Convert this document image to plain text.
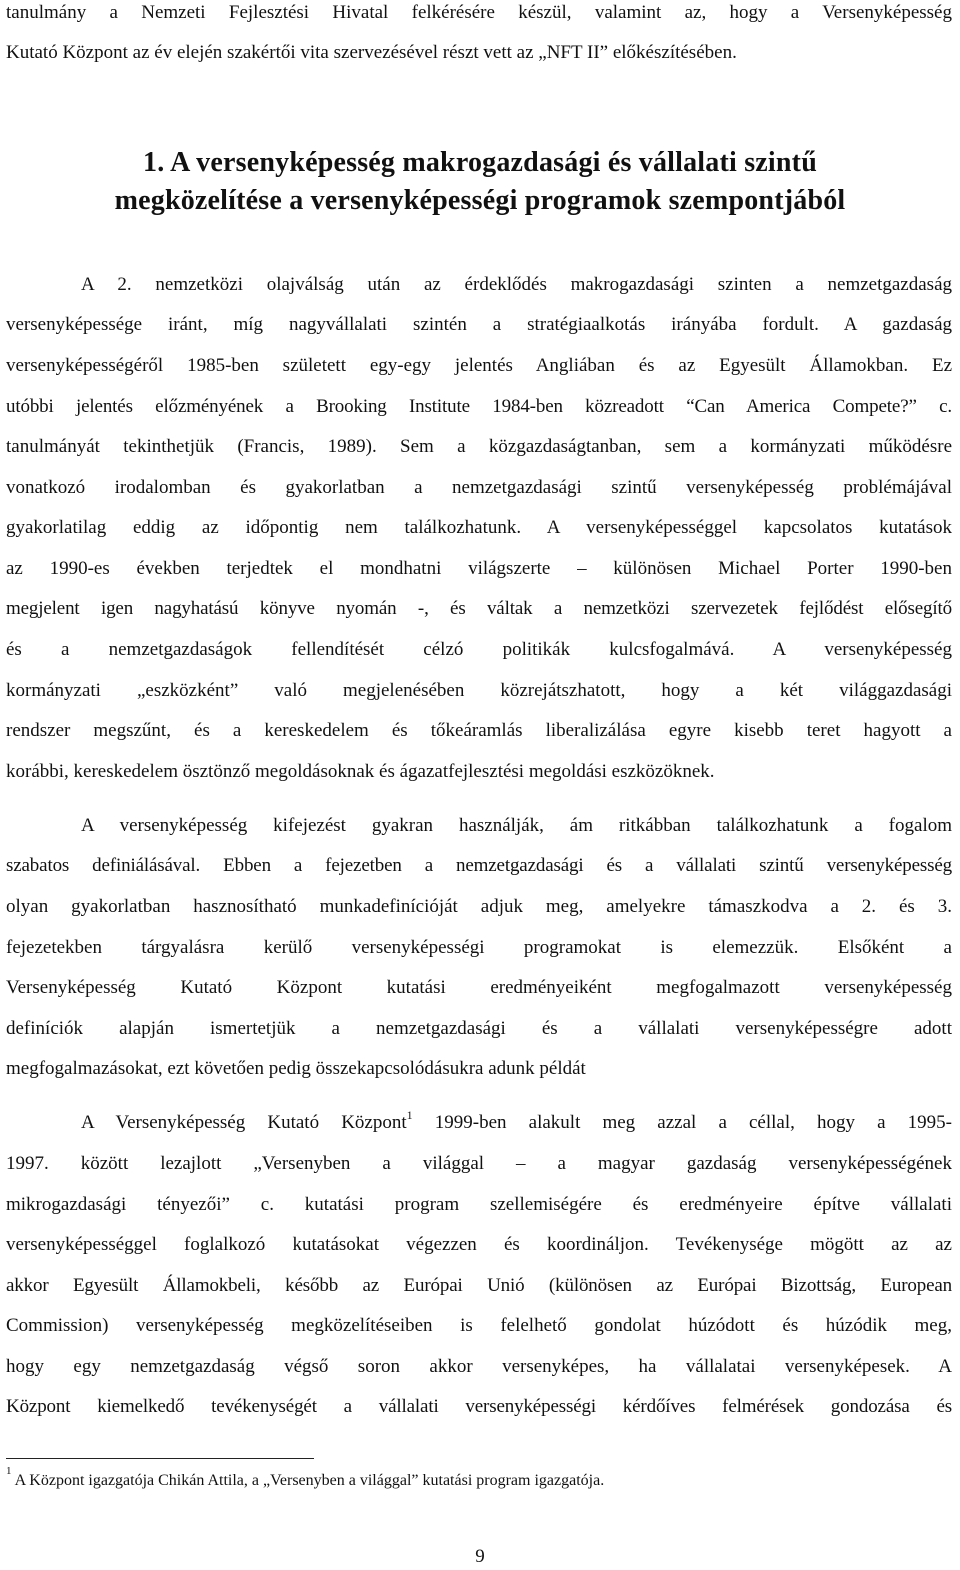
tanulmány a Nemzeti Fejlesztési Hivatal felkérésére készül, valamint az, hogy a Versenyképesség
Kutató Központ az év elején szakértői vita szervezésével részt vett az „NFT II” előkészítésében.
1. A versenyképesség makrogazdasági és vállalati szintű
megközelítése a versenyképességi programok szempontjából
A 2. nemzetközi olajválság után az érdeklődés makrogazdasági szinten a nemzetgazdaság
versenyképessége iránt, míg nagyvállalati szintén a stratégiaalkotás irányába fordult. A gazdaság
versenyképességéről 1985-ben született egy-egy jelentés Angliában és az Egyesült Államokban. Ez
utóbbi jelentés előzményének a Brooking Institute 1984-ben közreadott “Can America Compete?” c.
tanulmányát tekinthetjük (Francis, 1989). Sem a közgazdaságtanban, sem a kormányzati működésre
vonatkozó irodalomban és gyakorlatban a nemzetgazdasági szintű versenyképesség problémájával
gyakorlatilag eddig az időpontig nem találkozhatunk. A versenyképességgel kapcsolatos kutatások
az 1990-es években terjedtek el mondhatni világszerte – különösen Michael Porter 1990-ben
megjelent igen nagyhatású könyve nyomán -, és váltak a nemzetközi szervezetek fejlődést elősegítő
és a nemzetgazdaságok fellendítését célzó politikák kulcsfogalmává. A versenyképesség
kormányzati „eszközként” való megjelenésében közrejátszhatott, hogy a két világgazdasági
rendszer megszűnt, és a kereskedelem és tőkeáramlás liberalizálása egyre kisebb teret hagyott a
korábbi, kereskedelem ösztönző megoldásoknak és ágazatfejlesztési megoldási eszközöknek.
A versenyképesség kifejezést gyakran használják, ám ritkábban találkozhatunk a fogalom
szabatos definiálásával. Ebben a fejezetben a nemzetgazdasági és a vállalati szintű versenyképesség
olyan gyakorlatban hasznosítható munkadefinícióját adjuk meg, amelyekre támaszkodva a 2. és 3.
fejezetekben tárgyalásra kerülő versenyképességi programokat is elemezzük. Elsőként a
Versenyképesség Kutató Központ kutatási eredményeiként megfogalmazott versenyképesség
definíciók alapján ismertetjük a nemzetgazdasági és a vállalati versenyképességre adott
megfogalmazásokat, ezt követően pedig összekapcsolódásukra adunk példát
A Versenyképesség Kutató Központ$^1$ 1999-ben alakult meg azzal a céllal, hogy a 1995-
1997. között lezajlott „Versenyben a világgal – a magyar gazdaság versenyképességének
mikrogazdasági tényezői” c. kutatási program szellemiségére és eredményeire építve vállalati
versenyképességgel foglalkozó kutatásokat végezzen és koordináljon. Tevékenysége mögött az az
akkor Egyesült Államokbeli, később az Európai Unió (különösen az Európai Bizottság, European
Commission) versenyképesség megközelítéseiben is felelhető gondolat húzódott és húzódik meg,
hogy egy nemzetgazdaság végső soron akkor versenyképes, ha vállalatai versenyképesek. A
Központ kiemelkedő tevékenységét a vállalati versenyképességi kérdőíves felmérések gondozása és
$^1$ A Központ igazgatója Chikán Attila, a „Versenyben a világgal” kutatási program igazgatója.
9
